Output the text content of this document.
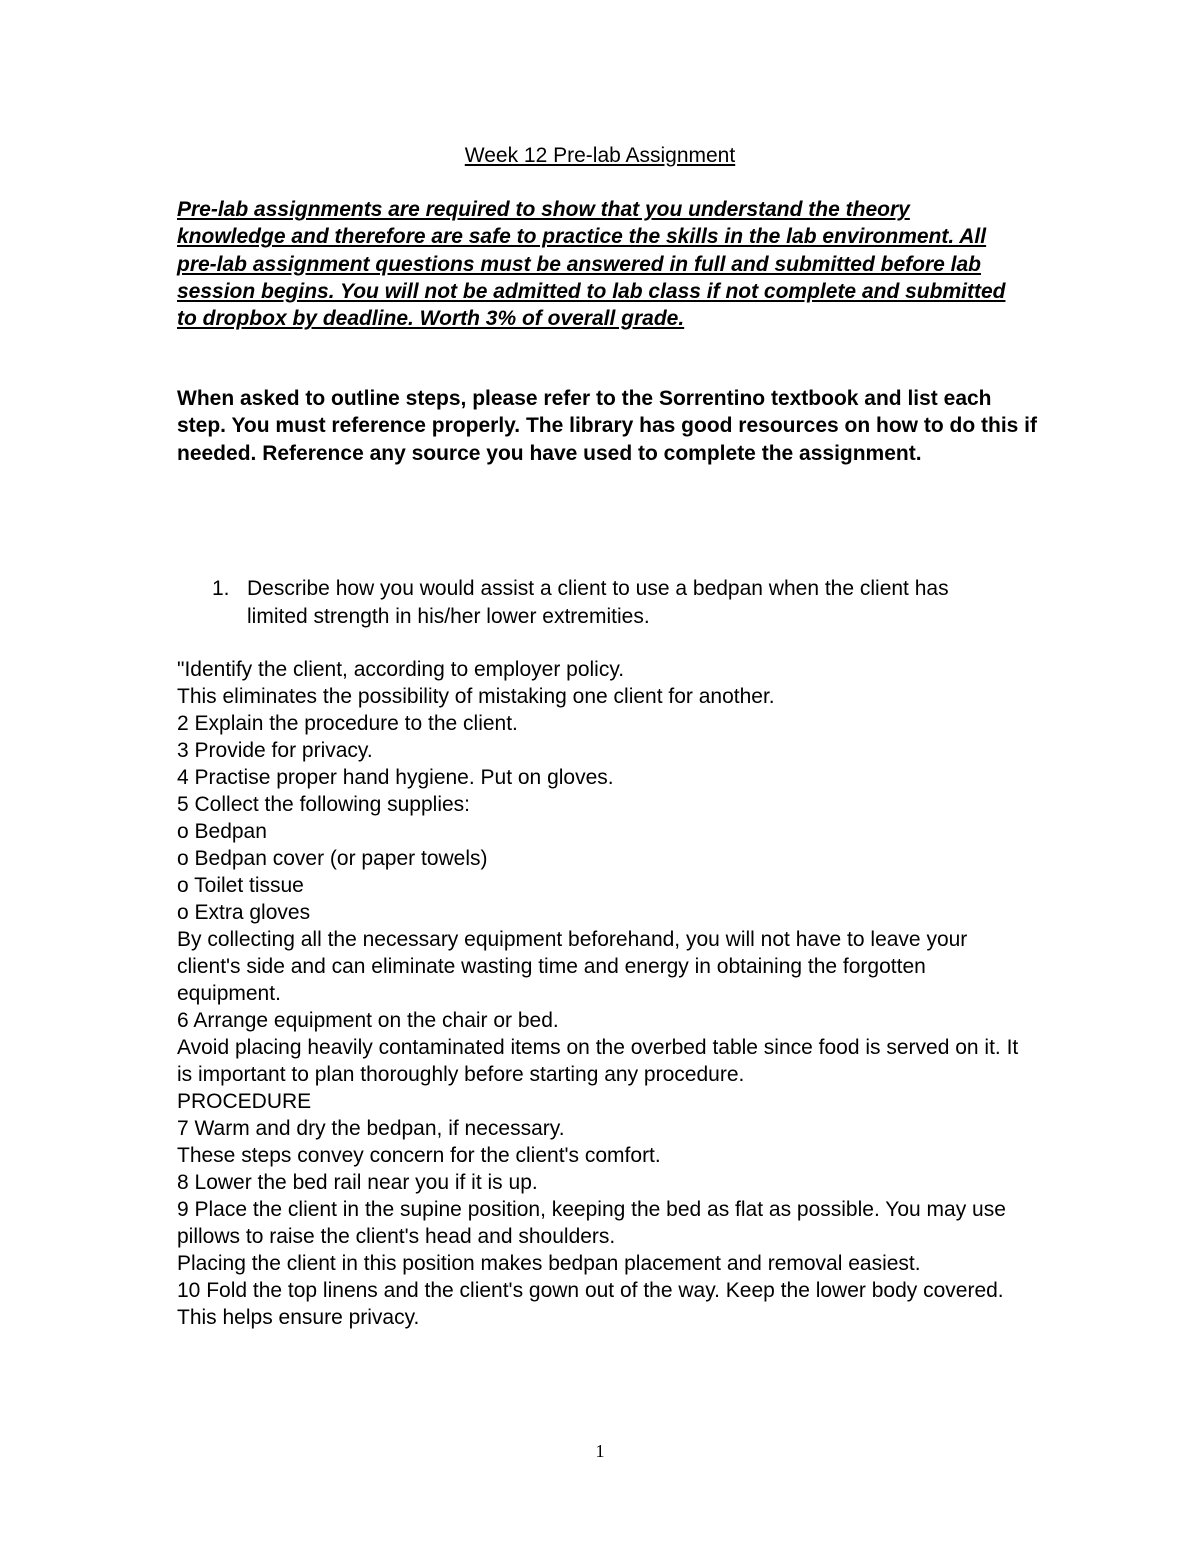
Week 12 Pre-lab Assignment

Pre-lab assignments are required to show that you understand the theory knowledge and therefore are safe to practice the skills in the lab environment. All pre-lab assignment questions must be answered in full and submitted before lab session begins. You will not be admitted to lab class if not complete and submitted to dropbox by deadline. Worth 3% of overall grade.

When asked to outline steps, please refer to the Sorrentino textbook and list each step. You must reference properly. The library has good resources on how to do this if needed. Reference any source you have used to complete the assignment.

1. Describe how you would assist a client to use a bedpan when the client has limited strength in his/her lower extremities.
"Identify the client, according to employer policy.
This eliminates the possibility of mistaking one client for another.
2 Explain the procedure to the client.
3 Provide for privacy.
4 Practise proper hand hygiene. Put on gloves.
5 Collect the following supplies:
o Bedpan
o Bedpan cover (or paper towels)
o Toilet tissue
o Extra gloves
By collecting all the necessary equipment beforehand, you will not have to leave your client's side and can eliminate wasting time and energy in obtaining the forgotten equipment.
6 Arrange equipment on the chair or bed.
Avoid placing heavily contaminated items on the overbed table since food is served on it. It is important to plan thoroughly before starting any procedure.
PROCEDURE
7 Warm and dry the bedpan, if necessary.
These steps convey concern for the client's comfort.
8 Lower the bed rail near you if it is up.
9 Place the client in the supine position, keeping the bed as flat as possible. You may use pillows to raise the client's head and shoulders.
Placing the client in this position makes bedpan placement and removal easiest.
10 Fold the top linens and the client's gown out of the way. Keep the lower body covered.
This helps ensure privacy.
1
